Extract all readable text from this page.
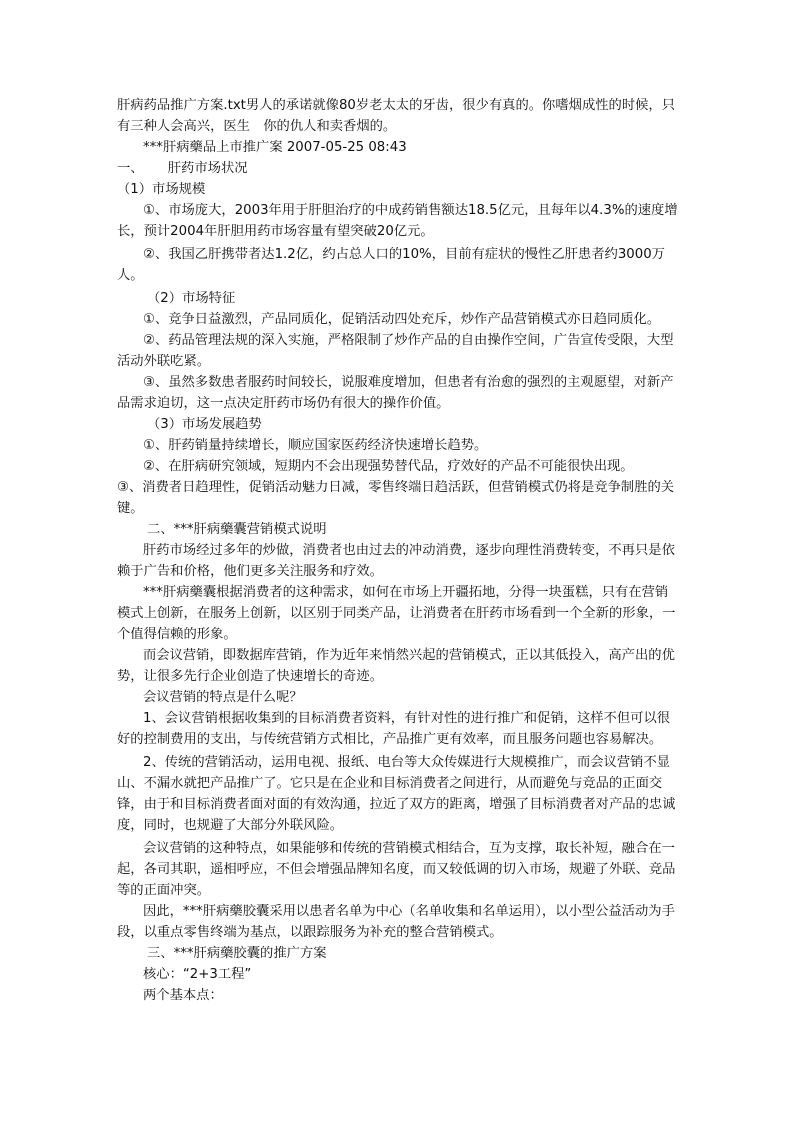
肝病药品推广方案.txt男人的承诺就像80岁老太太的牙齿，很少有真的。你嗜烟成性的时候，只有三种人会高兴，医生　你的仇人和卖香烟的。

***肝病藥品上市推广案 2007-05-25 08:43

一、　　 肝药市场状况

（1）市场规模

①、市场庞大，2003年用于肝胆治疗的中成药销售额达18.5亿元，且每年以4.3%的速度增长，预计2004年肝胆用药市场容量有望突破20亿元。

②、我国乙肝携带者达1.2亿，约占总人口的10%，目前有症状的慢性乙肝患者约3000万人。

（2）市场特征

①、竞争日益激烈，产品同质化，促销活动四处充斥，炒作产品营销模式亦日趋同质化。

②、药品管理法规的深入实施，严格限制了炒作产品的自由操作空间，广告宣传受限，大型活动外联吃紧。

③、虽然多数患者服药时间较长，说服难度增加，但患者有治愈的强烈的主观愿望，对新产品需求迫切，这一点决定肝药市场仍有很大的操作价值。

（3）市场发展趋势

①、肝药销量持续增长，顺应国家医药经济快速增长趋势。

②、在肝病研究领域，短期内不会出现强势替代品，疗效好的产品不可能很快出现。

③、消费者日趋理性，促销活动魅力日减，零售终端日趋活跃，但营销模式仍将是竞争制胜的关键。

二、***肝病藥囊营销模式说明

肝药市场经过多年的炒做，消费者也由过去的冲动消费，逐步向理性消费转变，不再只是依赖于广告和价格，他们更多关注服务和疗效。

***肝病藥囊根据消费者的这种需求，如何在市场上开疆拓地，分得一块蛋糕，只有在营销模式上创新，在服务上创新，以区别于同类产品，让消费者在肝药市场看到一个全新的形象，一个值得信赖的形象。

而会议营销，即数据库营销，作为近年来悄然兴起的营销模式，正以其低投入，高产出的优势，让很多先行企业创造了快速增长的奇迹。

会议营销的特点是什么呢？

1、会议营销根据收集到的目标消费者资料，有针对性的进行推广和促销，这样不但可以很好的控制费用的支出，与传统营销方式相比，产品推广更有效率，而且服务问题也容易解决。

2、传统的营销活动，运用电视、报纸、电台等大众传媒进行大规模推广，而会议营销不显山、不漏水就把产品推广了。它只是在企业和目标消费者之间进行，从而避免与竞品的正面交锋，由于和目标消费者面对面的有效沟通，拉近了双方的距离，增强了目标消费者对产品的忠诚度，同时，也规避了大部分外联风险。

会议营销的这种特点，如果能够和传统的营销模式相结合，互为支撑，取长补短，融合在一起，各司其职，遥相呼应，不但会增强品牌知名度，而又较低调的切入市场，规避了外联、竞品等的正面冲突。

因此，***肝病藥胶囊采用以患者名单为中心（名单收集和名单运用），以小型公益活动为手段，以重点零售终端为基点，以跟踪服务为补充的整合营销模式。

三、***肝病藥胶囊的推广方案

核心：“2+3工程”

两个基本点：
